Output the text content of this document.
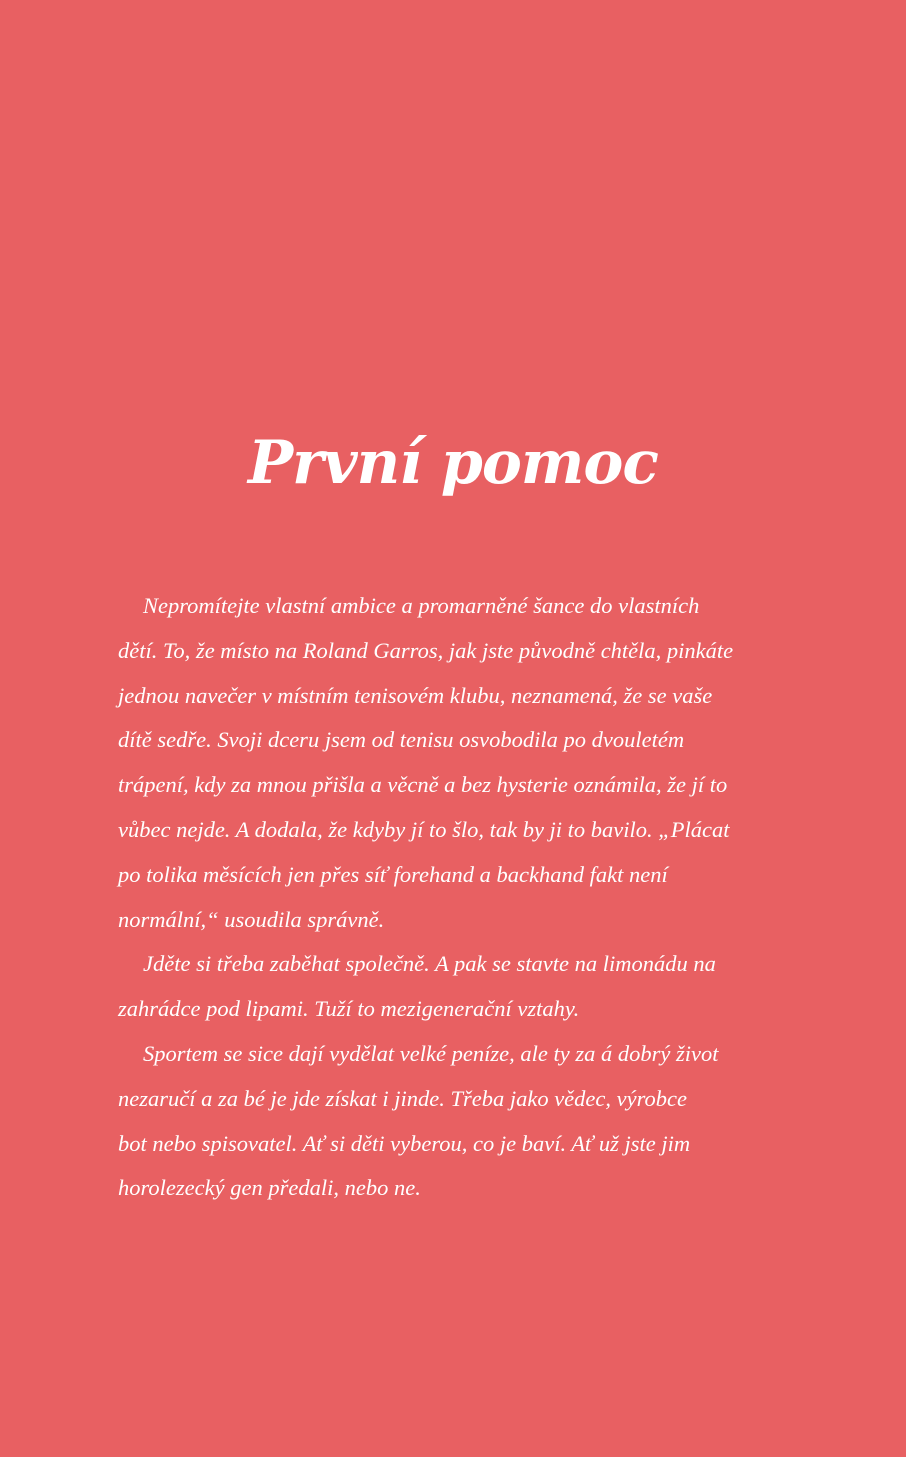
První pomoc
Nepromítejte vlastní ambice a promarněné šance do vlastních
dětí. To, že místo na Roland Garros, jak jste původně chtěla, pinkáte
jednou navečer v místním tenisovém klubu, neznamená, že se vaše
dítě sedře. Svoji dceru jsem od tenisu osvobodila po dvouletém
trápení, kdy za mnou přišla a věcně a bez hysterie oznámila, že jí to
vůbec nejde. A dodala, že kdyby jí to šlo, tak by ji to bavilo. „Plácat
po tolika měsících jen přes síť forehand a backhand fakt není
normální,“ usoudila správně.
Jděte si třeba zaběhat společně. A pak se stavte na limonádu na
zahrádce pod lipami. Tuží to mezigenerační vztahy.
Sportem se sice dají vydělat velké peníze, ale ty za á dobrý život
nezaručí a za bé je jde získat i jinde. Třeba jako vědec, výrobce
bot nebo spisovatel. Ať si děti vyberou, co je baví. Ať už jste jim
horolezecký gen předali, nebo ne.
